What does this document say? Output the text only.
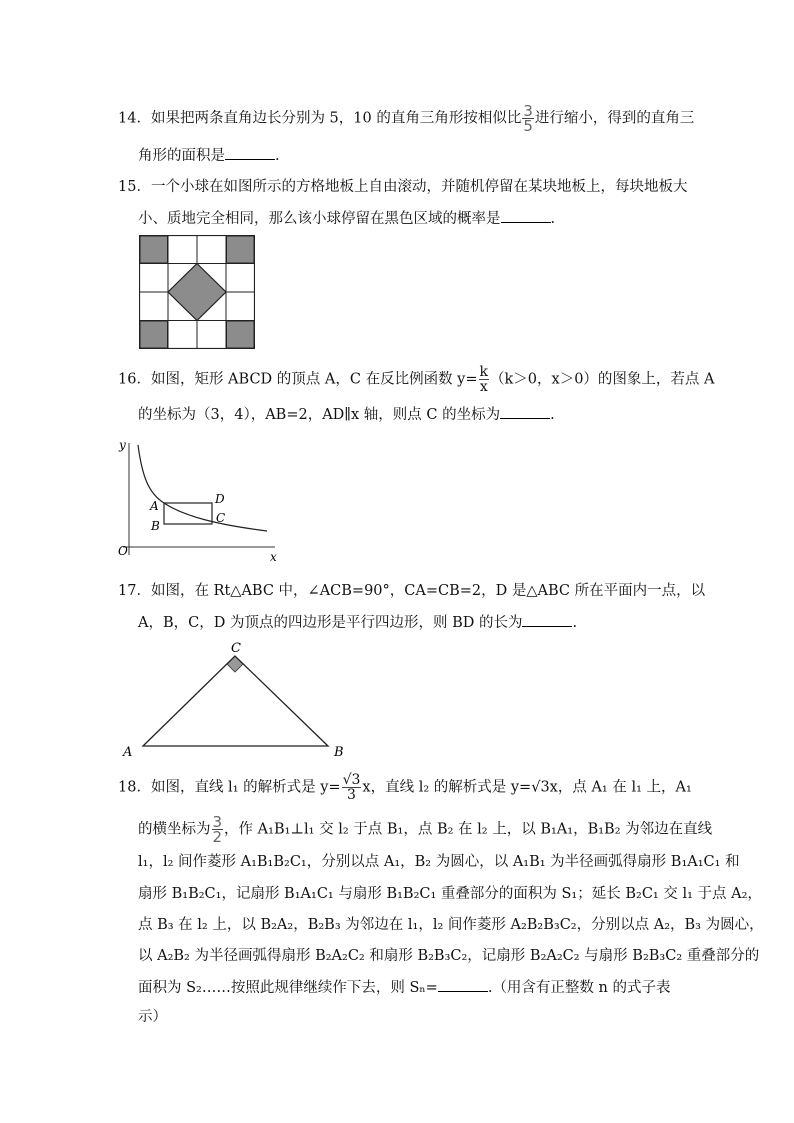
14．如果把两条直角边长分别为 5，10 的直角三角形按相似比 $\frac{3}{5}$ 进行缩小，得到的直角三
角形的面积是	.
15．一个小球在如图所示的方格地板上自由滚动，并随机停留在某块地板上，每块地板大
小、质地完全相同，那么该小球停留在黑色区域的概率是	.
16．如图，矩形 ABCD 的顶点 A，C 在反比例函数 $y= \frac{k}{x} (k>0$，x＞0）的图象上，若点 A
的坐标为（3，4），AB=2，AD∥x 轴，则点 C 的坐标为	.
y
x
O
A
B
D
C
17．如图，在 Rt△ABC 中，∠ACB=90°，CA=CB=2，D 是△ABC 所在平面内一点，以
A，B，C，D 为顶点的四边形是平行四边形，则 BD 的长为	.
C
A	B
18．如图，直线 l₁ 的解析式是 $y= \frac{√3}{3}$ x，直线 l₂ 的解析式是 y=√3x，点 A₁ 在 l₁ 上，A₁
的横坐标为 $\frac{3}{2}$ ，作 A₁B₁⊥l₁ 交 l₂ 于点 B₁，点 B₂ 在 l₂ 上，以 B₁A₁，B₁B₂ 为邻边在直线
l₁，l₂ 间作菱形 A₁B₁B₂C₁，分别以点 A₁，B₂ 为圆心，以 A₁B₁ 为半径画弧得扇形 B₁A₁C₁ 和
扇形 B₁B₂C₁，记扇形 B₁A₁C₁ 与扇形 B₁B₂C₁ 重叠部分的面积为 S₁；延长 B₂C₁ 交 l₁ 于点 A₂，
点 B₃ 在 l₂ 上，以 B₂A₂，B₂B₃ 为邻边在 l₁，l₂ 间作菱形 A₂B₂B₃C₂，分别以点 A₂，B₃ 为圆心，
以 A₂B₂ 为半径画弧得扇形 B₂A₂C₂ 和扇形 B₂B₃C₂，记扇形 B₂A₂C₂ 与扇形 B₂B₃C₂ 重叠部分的
面积为 S₂……按照此规律继续作下去，则 Sₙ=	.（用含有正整数 n 的式子表
示）
